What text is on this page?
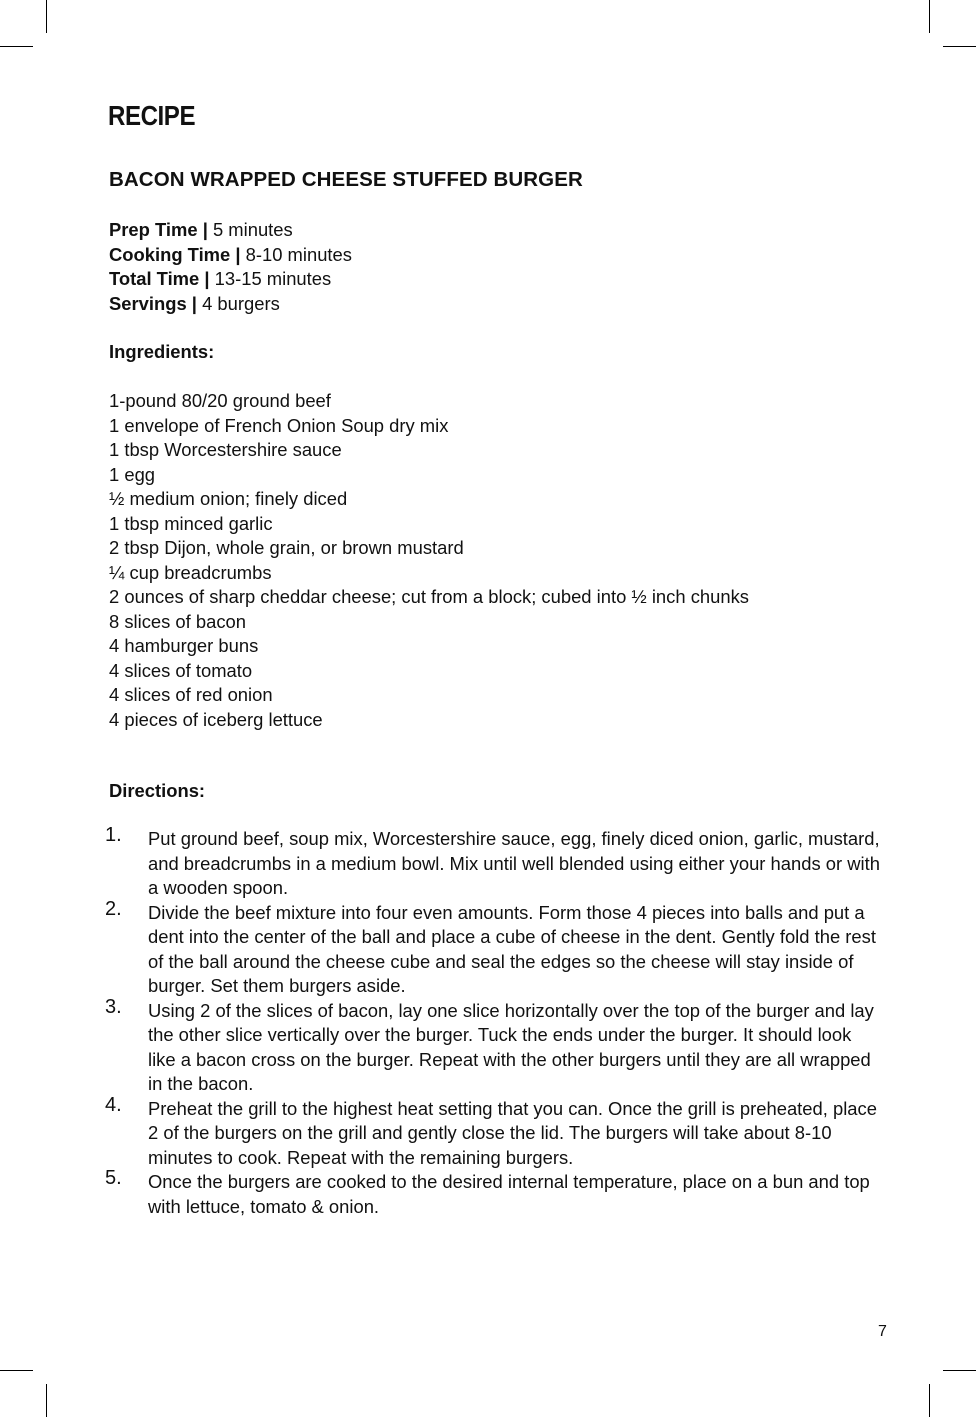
RECIPE
BACON WRAPPED CHEESE STUFFED BURGER
Prep Time | 5 minutes
Cooking Time | 8-10 minutes
Total Time | 13-15 minutes
Servings | 4 burgers
Ingredients:
1-pound 80/20 ground beef
1 envelope of French Onion Soup dry mix
1 tbsp Worcestershire sauce
1 egg
½ medium onion; finely diced
1 tbsp minced garlic
2 tbsp Dijon, whole grain, or brown mustard
¼ cup breadcrumbs
2 ounces of sharp cheddar cheese; cut from a block; cubed into ½ inch chunks
8 slices of bacon
4 hamburger buns
4 slices of tomato
4 slices of red onion
4 pieces of iceberg lettuce
Directions:
1. Put ground beef, soup mix, Worcestershire sauce, egg, finely diced onion, garlic, mustard, and breadcrumbs in a medium bowl. Mix until well blended using either your hands or with a wooden spoon.
2. Divide the beef mixture into four even amounts. Form those 4 pieces into balls and put a dent into the center of the ball and place a cube of cheese in the dent. Gently fold the rest of the ball around the cheese cube and seal the edges so the cheese will stay inside of burger. Set them burgers aside.
3. Using 2 of the slices of bacon, lay one slice horizontally over the top of the burger and lay the other slice vertically over the burger. Tuck the ends under the burger. It should look like a bacon cross on the burger. Repeat with the other burgers until they are all wrapped in the bacon.
4. Preheat the grill to the highest heat setting that you can. Once the grill is preheated, place 2 of the burgers on the grill and gently close the lid. The burgers will take about 8-10 minutes to cook. Repeat with the remaining burgers.
5. Once the burgers are cooked to the desired internal temperature, place on a bun and top with lettuce, tomato & onion.
7
